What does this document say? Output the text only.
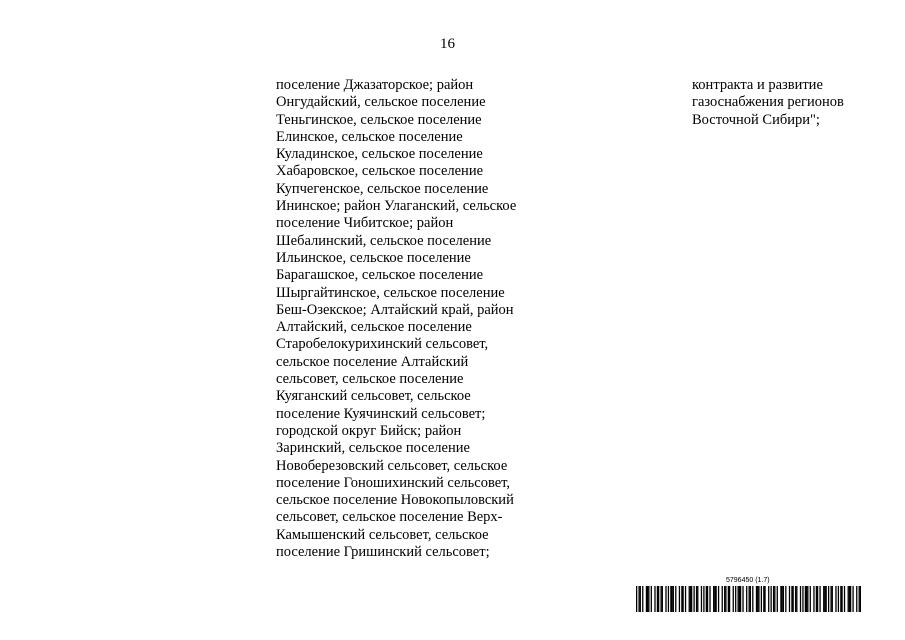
16
поселение Джазаторское; район
Онгудайский, сельское поселение
Теньгинское, сельское поселение
Елинское, сельское поселение
Куладинское, сельское поселение
Хабаровское, сельское поселение
Купчегенское, сельское поселение
Ининское; район Улаганский, сельское
поселение Чибитское; район
Шебалинский, сельское поселение
Ильинское, сельское поселение
Барагашское, сельское поселение
Шыргайтинское, сельское поселение
Беш-Озекское; Алтайский край, район
Алтайский, сельское поселение
Старобелокурихинский сельсовет,
сельское поселение Алтайский
сельсовет, сельское поселение
Куяганский сельсовет, сельское
поселение Куячинский сельсовет;
городской округ Бийск; район
Заринский, сельское поселение
Новоберезовский сельсовет, сельское
поселение Гоношихинский сельсовет,
сельское поселение Новокопыловский
сельсовет, сельское поселение Верх-
Камышенский сельсовет, сельское
поселение Гришинский сельсовет;
контракта и развитие
газоснабжения регионов
Восточной Сибири";
5796450 (1.7)
